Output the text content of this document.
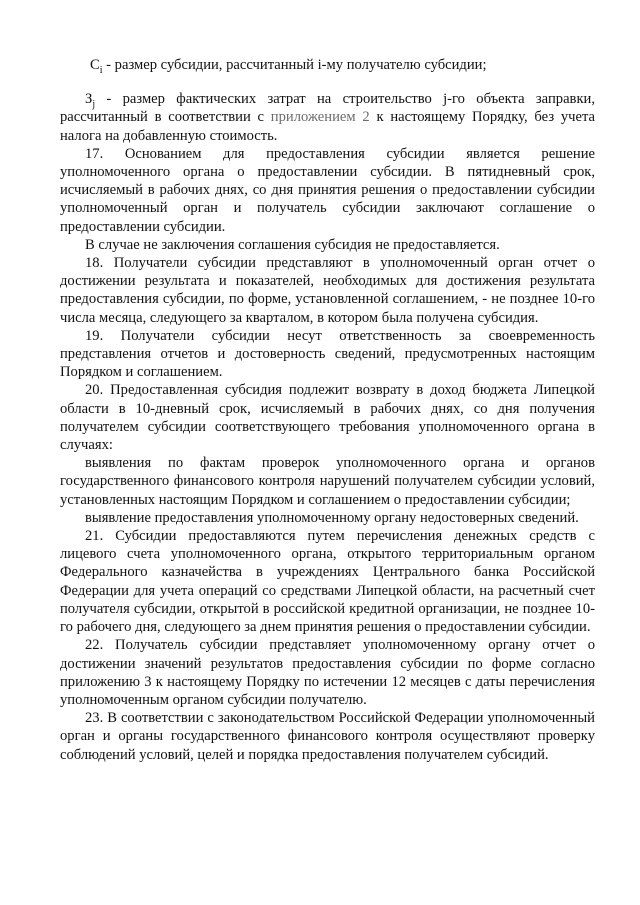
$C_i$ - размер субсидии, рассчитанный i-му получателю субсидии;

$З_j$ - размер фактических затрат на строительство j-го объекта заправки, рассчитанный в соответствии с приложением 2 к настоящему Порядку, без учета налога на добавленную стоимость.

17. Основанием для предоставления субсидии является решение уполномоченного органа о предоставлении субсидии. В пятидневный срок, исчисляемый в рабочих днях, со дня принятия решения о предоставлении субсидии уполномоченный орган и получатель субсидии заключают соглашение о предоставлении субсидии.

В случае не заключения соглашения субсидия не предоставляется.

18. Получатели субсидии представляют в уполномоченный орган отчет о достижении результата и показателей, необходимых для достижения результата предоставления субсидии, по форме, установленной соглашением, - не позднее 10-го числа месяца, следующего за кварталом, в котором была получена субсидия.

19. Получатели субсидии несут ответственность за своевременность представления отчетов и достоверность сведений, предусмотренных настоящим Порядком и соглашением.

20. Предоставленная субсидия подлежит возврату в доход бюджета Липецкой области в 10-дневный срок, исчисляемый в рабочих днях, со дня получения получателем субсидии соответствующего требования уполномоченного органа в случаях:

выявления по фактам проверок уполномоченного органа и органов государственного финансового контроля нарушений получателем субсидии условий, установленных настоящим Порядком и соглашением о предоставлении субсидии;

выявление предоставления уполномоченному органу недостоверных сведений.

21. Субсидии предоставляются путем перечисления денежных средств с лицевого счета уполномоченного органа, открытого территориальным органом Федерального казначейства в учреждениях Центрального банка Российской Федерации для учета операций со средствами Липецкой области, на расчетный счет получателя субсидии, открытой в российской кредитной организации, не позднее 10-го рабочего дня, следующего за днем принятия решения о предоставлении субсидии.

22. Получатель субсидии представляет уполномоченному органу отчет о достижении значений результатов предоставления субсидии по форме согласно приложению 3 к настоящему Порядку по истечении 12 месяцев с даты перечисления уполномоченным органом субсидии получателю.

23. В соответствии с законодательством Российской Федерации уполномоченный орган и органы государственного финансового контроля осуществляют проверку соблюдений условий, целей и порядка предоставления получателем субсидий.
